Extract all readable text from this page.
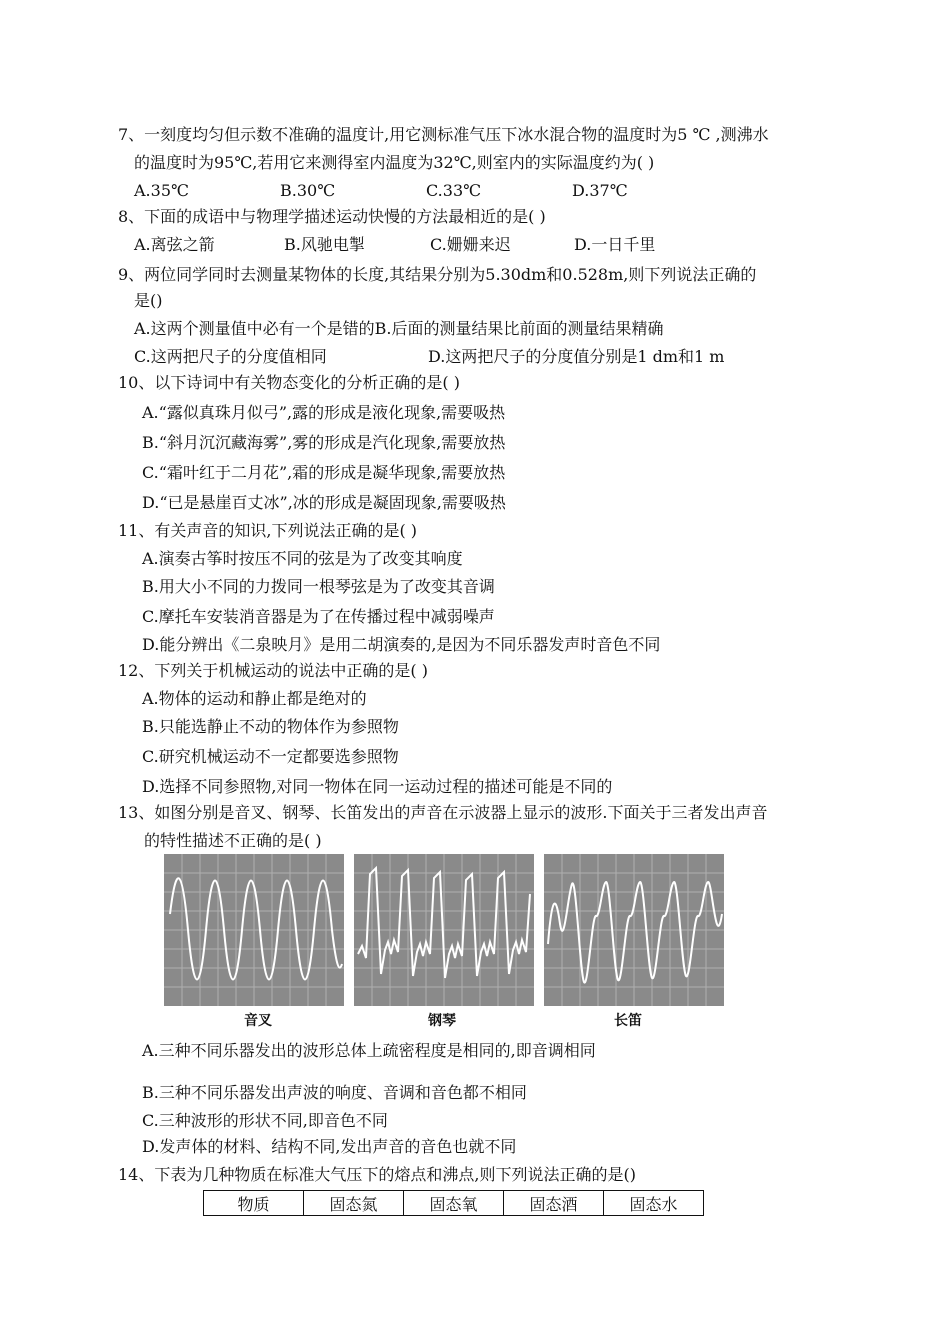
7、一刻度均匀但示数不准确的温度计,用它测标准气压下冰水混合物的温度时为5 ℃ ,测沸水
的温度时为95℃,若用它来测得室内温度为32℃,则室内的实际温度约为( )
A.35℃	B.30℃	C.33℃	D.37℃
8、下面的成语中与物理学描述运动快慢的方法最相近的是( )
A.离弦之箭	B.风驰电掣	C.姗姗来迟	D.一日千里
9、两位同学同时去测量某物体的长度,其结果分别为5.30dm和0.528m,则下列说法正确的
是()
A.这两个测量值中必有一个是错的B.后面的测量结果比前面的测量结果精确
C.这两把尺子的分度值相同	D.这两把尺子的分度值分别是1 dm和1 m
10、以下诗词中有关物态变化的分析正确的是( )
A.“露似真珠月似弓”,露的形成是液化现象,需要吸热
B.“斜月沉沉藏海雾”,雾的形成是汽化现象,需要放热
C.“霜叶红于二月花”,霜的形成是凝华现象,需要放热
D.“已是悬崖百丈冰”,冰的形成是凝固现象,需要吸热
11、有关声音的知识,下列说法正确的是( )
A.演奏古筝时按压不同的弦是为了改变其响度
B.用大小不同的力拨同一根琴弦是为了改变其音调
C.摩托车安装消音器是为了在传播过程中减弱噪声
D.能分辨出《二泉映月》是用二胡演奏的,是因为不同乐器发声时音色不同
12、下列关于机械运动的说法中正确的是( )
A.物体的运动和静止都是绝对的
B.只能选静止不动的物体作为参照物
C.研究机械运动不一定都要选参照物
D.选择不同参照物,对同一物体在同一运动过程的描述可能是不同的
13、如图分别是音叉、钢琴、长笛发出的声音在示波器上显示的波形.下面关于三者发出声音
的特性描述不正确的是( )
音叉	钢琴	长笛
A.三种不同乐器发出的波形总体上疏密程度是相同的,即音调相同
B.三种不同乐器发出声波的响度、音调和音色都不相同
C.三种波形的形状不同,即音色不同
D.发声体的材料、结构不同,发出声音的音色也就不同
14、下表为几种物质在标准大气压下的熔点和沸点,则下列说法正确的是()
物质	固态氮	固态氧	固态酒	固态水
